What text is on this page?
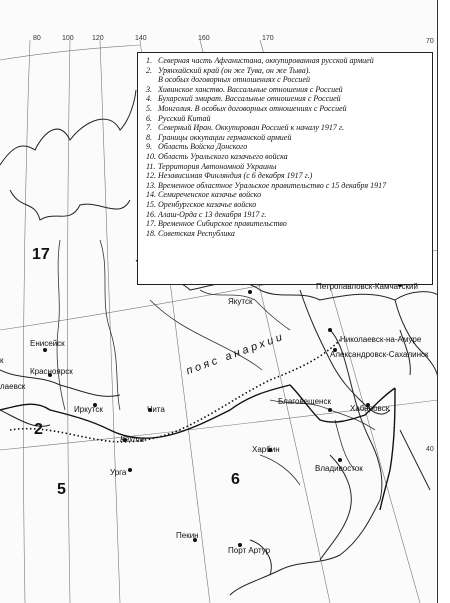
80	100	120	140	160	170	70
40
1. Северная часть Афганистана, оккупированная русской армией
2. Урянхайский край (он же Тува, он же Тыва).
В особых договорных отношениях с Россией
3. Хивинское ханство. Вассальные отношения с Россией
4. Бухарский эмират. Вассальные отношения с Россией
5. Монголия. В особых договорных отношениях с Россией
6. Русский Китай
7. Северный Иран. Оккупирован Россией к началу 1917 г.
8. Границы оккупации германской армией
9. Область Войска Донского
10. Область Уральского казачьего войска
11. Территория Автономной Украины
12. Независимая Финляндия (с 6 декабря 1917 г.)
13. Временное областное Уральское правительство с 15 декабря 1917
14. Семиреченское казачье войско
15. Оренбургское казачье войско
16. Алаш-Орда с 13 декабря 1917 г.
17. Временное Сибирское правительство
18. Советская Республика
17
2
5
6
Якутск
Петропавловск-Камчатский
Николаевск-на-Амуре
Александровск-Сахалинск
Енисейск
Красноярск
Иркутск	Чита
Кяхта
Урга
Благовещенск
Хабаровск
Харбин
Владивосток
Пекин
Порт Артур
к
лаевск
пояс анархии
